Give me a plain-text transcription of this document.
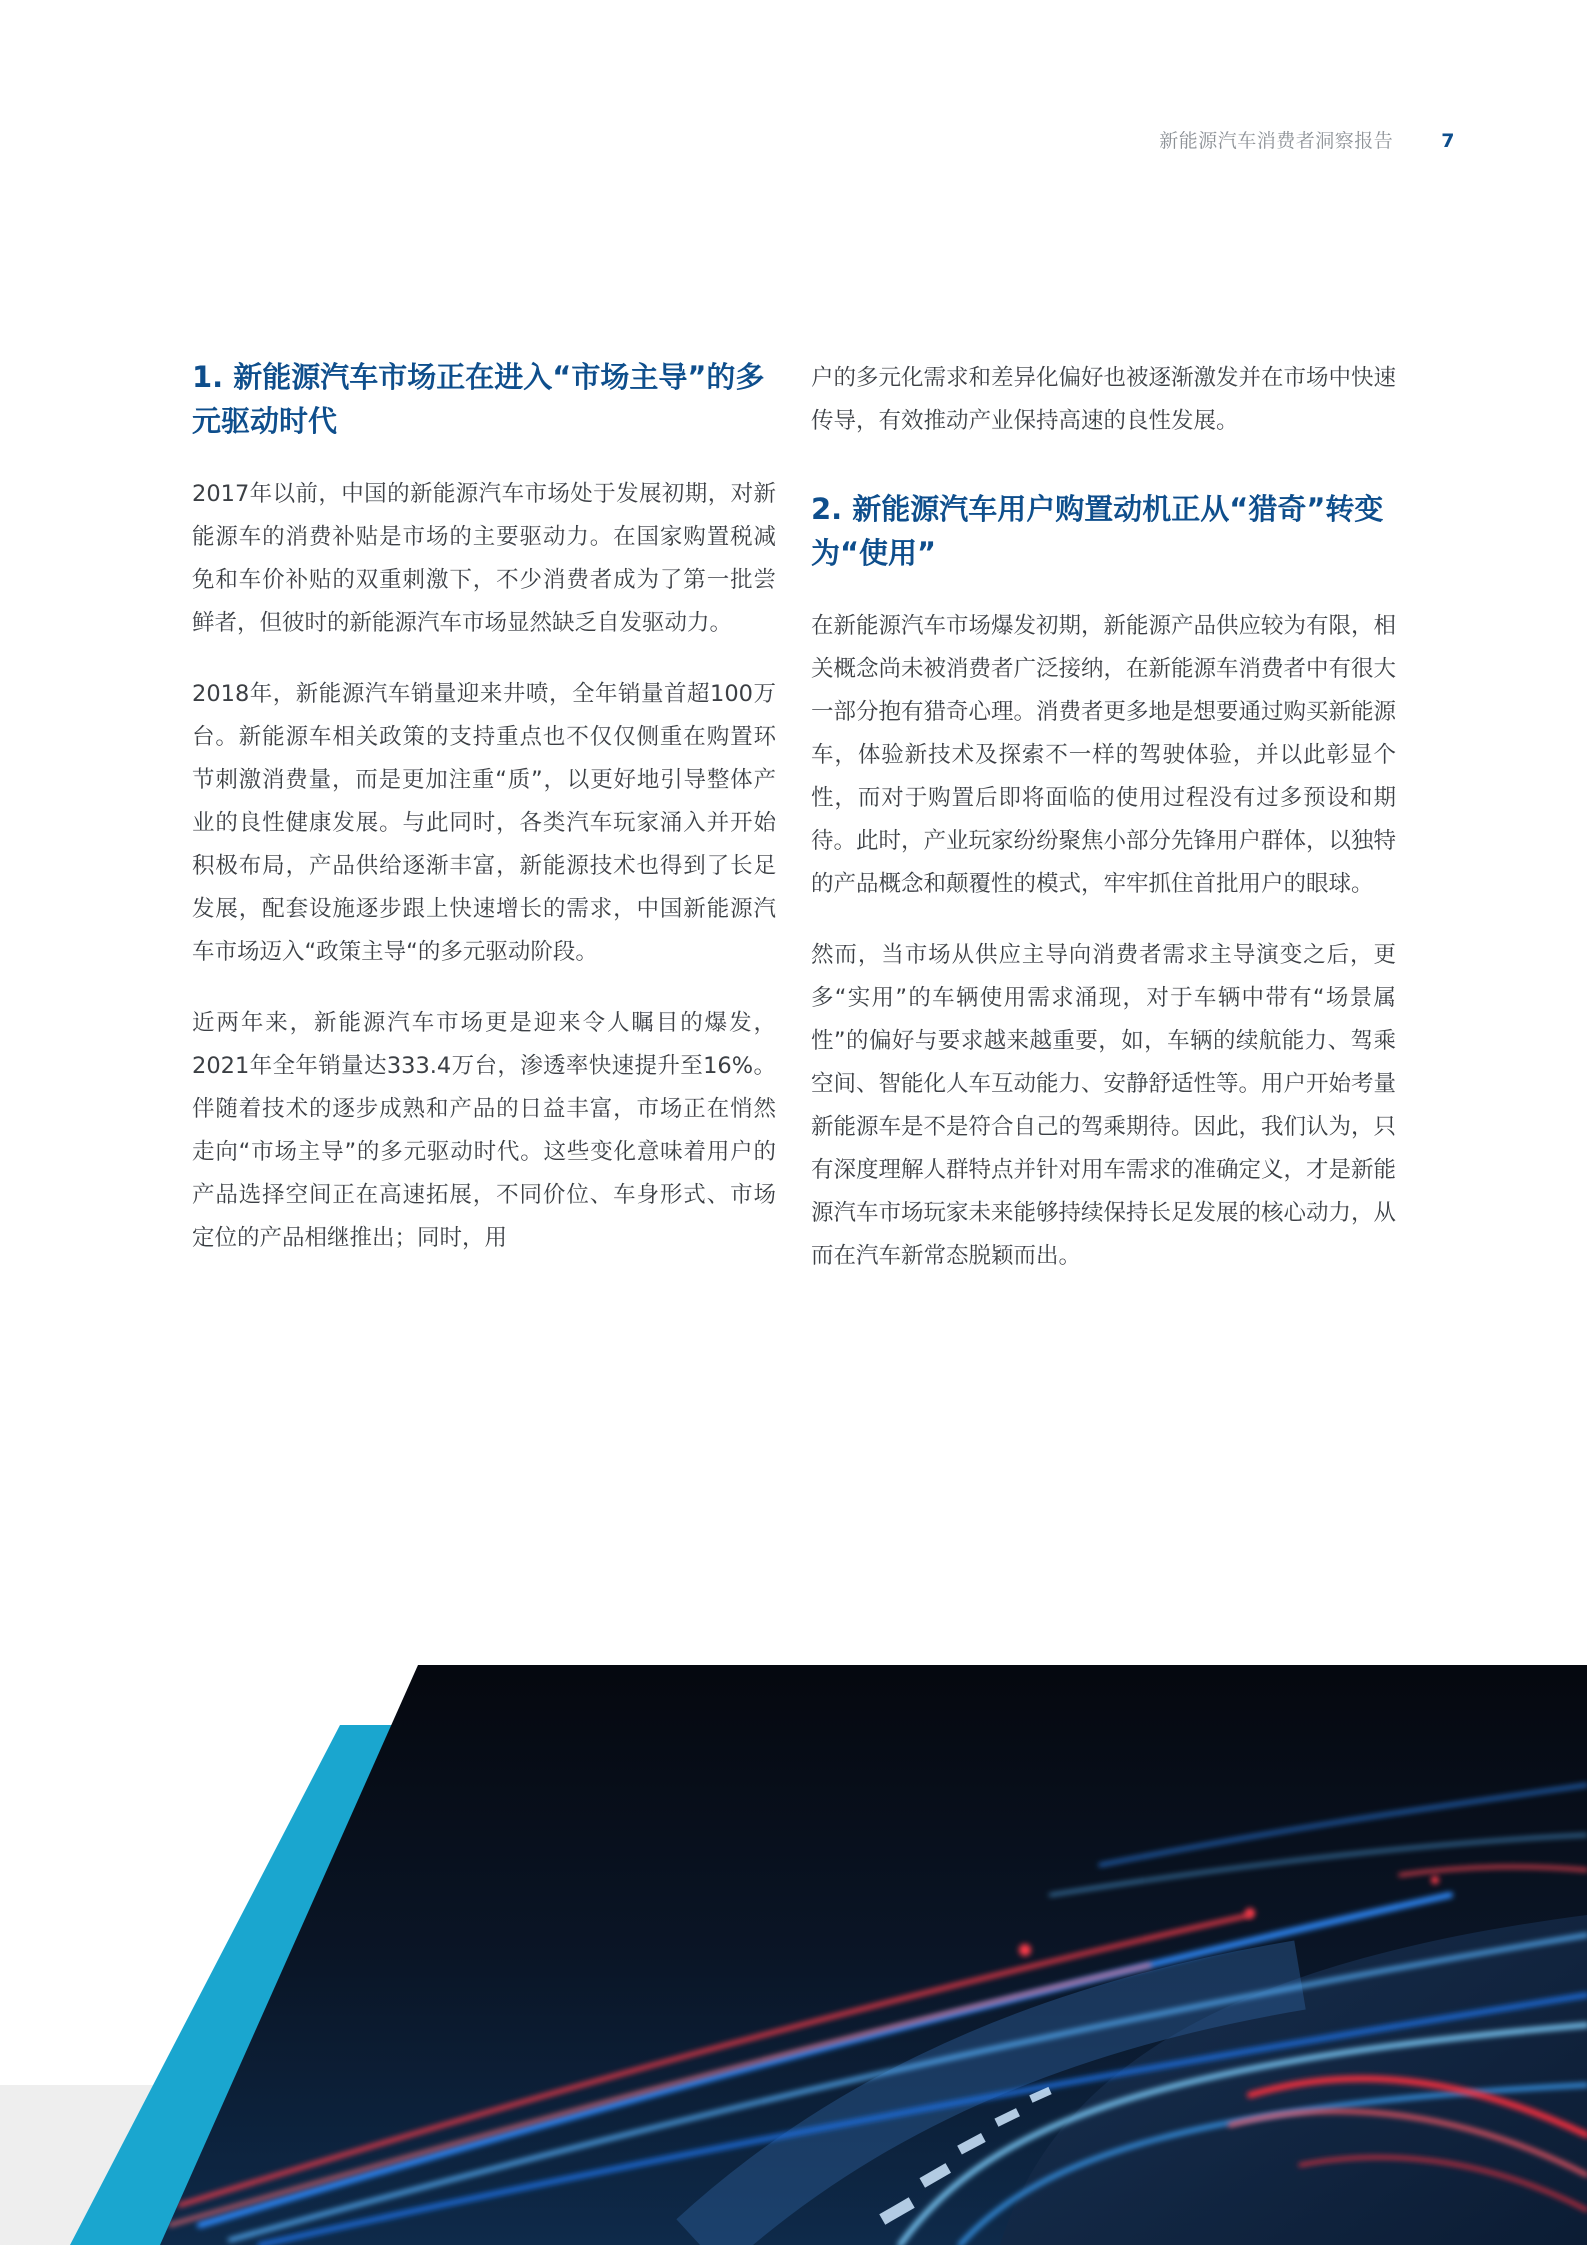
新能源汽车消费者洞察报告	7
1. 新能源汽车市场正在进入“市场主导”的多元驱动时代

2017年以前，中国的新能源汽车市场处于发展初期，对新能源车的消费补贴是市场的主要驱动力。在国家购置税减免和车价补贴的双重刺激下，不少消费者成为了第一批尝鲜者，但彼时的新能源汽车市场显然缺乏自发驱动力。

2018年，新能源汽车销量迎来井喷，全年销量首超100万台。新能源车相关政策的支持重点也不仅仅侧重在购置环节刺激消费量，而是更加注重“质”，以更好地引导整体产业的良性健康发展。与此同时，各类汽车玩家涌入并开始积极布局，产品供给逐渐丰富，新能源技术也得到了长足发展，配套设施逐步跟上快速增长的需求，中国新能源汽车市场迈入“政策主导“的多元驱动阶段。

近两年来，新能源汽车市场更是迎来令人瞩目的爆发，2021年全年销量达333.4万台，渗透率快速提升至16%。伴随着技术的逐步成熟和产品的日益丰富，市场正在悄然走向“市场主导”的多元驱动时代。这些变化意味着用户的产品选择空间正在高速拓展，不同价位、车身形式、市场定位的产品相继推出；同时，用

户的多元化需求和差异化偏好也被逐渐激发并在市场中快速传导，有效推动产业保持高速的良性发展。

2. 新能源汽车用户购置动机正从“猎奇”转变为“使用”

在新能源汽车市场爆发初期，新能源产品供应较为有限，相关概念尚未被消费者广泛接纳，在新能源车消费者中有很大一部分抱有猎奇心理。消费者更多地是想要通过购买新能源车，体验新技术及探索不一样的驾驶体验，并以此彰显个性，而对于购置后即将面临的使用过程没有过多预设和期待。此时，产业玩家纷纷聚焦小部分先锋用户群体，以独特的产品概念和颠覆性的模式，牢牢抓住首批用户的眼球。

然而，当市场从供应主导向消费者需求主导演变之后，更多“实用”的车辆使用需求涌现，对于车辆中带有“场景属性”的偏好与要求越来越重要，如，车辆的续航能力、驾乘空间、智能化人车互动能力、安静舒适性等。用户开始考量新能源车是不是符合自己的驾乘期待。因此，我们认为，只有深度理解人群特点并针对用车需求的准确定义，才是新能源汽车市场玩家未来能够持续保持长足发展的核心动力，从而在汽车新常态脱颖而出。
